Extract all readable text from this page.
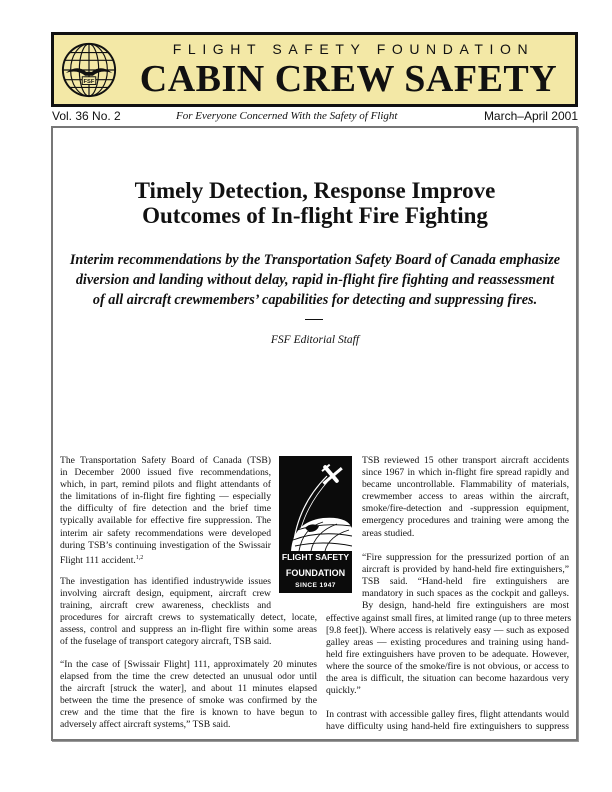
FSF
FLIGHT SAFETY FOUNDATION
CABIN CREW SAFETY
Vol. 36 No. 2	For Everyone Concerned With the Safety of Flight	March–April 2001
Timely Detection, Response Improve
Outcomes of In-flight Fire Fighting
Interim recommendations by the Transportation Safety Board of Canada emphasize
diversion and landing without delay, rapid in-flight fire fighting and reassessment
of all aircraft crewmembers’ capabilities for detecting and suppressing fires.
FSF Editorial Staff
The Transportation Safety Board of Canada (TSB)
in December 2000 issued five recommendations,
which, in part, remind pilots and flight attendants of
the limitations of in-flight fire fighting — especially
the difficulty of fire detection and the brief time
typically available for effective fire suppression. The
interim air safety recommendations were developed
during TSB’s continuing investigation of the Swissair
Flight 111 accident.$^{1,2}$
The investigation has identified industrywide issues
involving aircraft design, equipment, aircraft crew
training, aircraft crew awareness, checklists and
procedures for aircraft crews to systematically detect, locate,
assess, control and suppress an in-flight fire within some areas
of the fuselage of transport category aircraft, TSB said.
“In the case of [Swissair Flight] 111, approximately 20 minutes
elapsed from the time the crew detected an unusual odor until
the aircraft [struck the water], and about 11 minutes elapsed
between the time the presence of smoke was confirmed by the
crew and the time that the fire is known to have begun to
adversely affect aircraft systems,” TSB said.
FLIGHT SAFETY
FOUNDATION
SINCE 1947
TSB reviewed 15 other transport aircraft accidents
since 1967 in which in-flight fire spread rapidly and
became uncontrollable. Flammability of materials,
crewmember access to areas within the aircraft,
smoke/fire-detection and -suppression equipment,
emergency procedures and training were among the
areas studied.
“Fire suppression for the pressurized portion of an
aircraft is provided by hand-held fire extinguishers,”
TSB said. “Hand-held fire extinguishers are
mandatory in such spaces as the cockpit and galleys.
By design, hand-held fire extinguishers are most
effective against small fires, at limited range (up to three meters
[9.8 feet]). Where access is relatively easy — such as exposed
galley areas — existing procedures and training using hand-
held fire extinguishers have proven to be adequate. However,
where the source of the smoke/fire is not obvious, or access to
the area is difficult, the situation can become hazardous very
quickly.”
In contrast with accessible galley fires, flight attendants would
have difficulty using hand-held fire extinguishers to suppress
